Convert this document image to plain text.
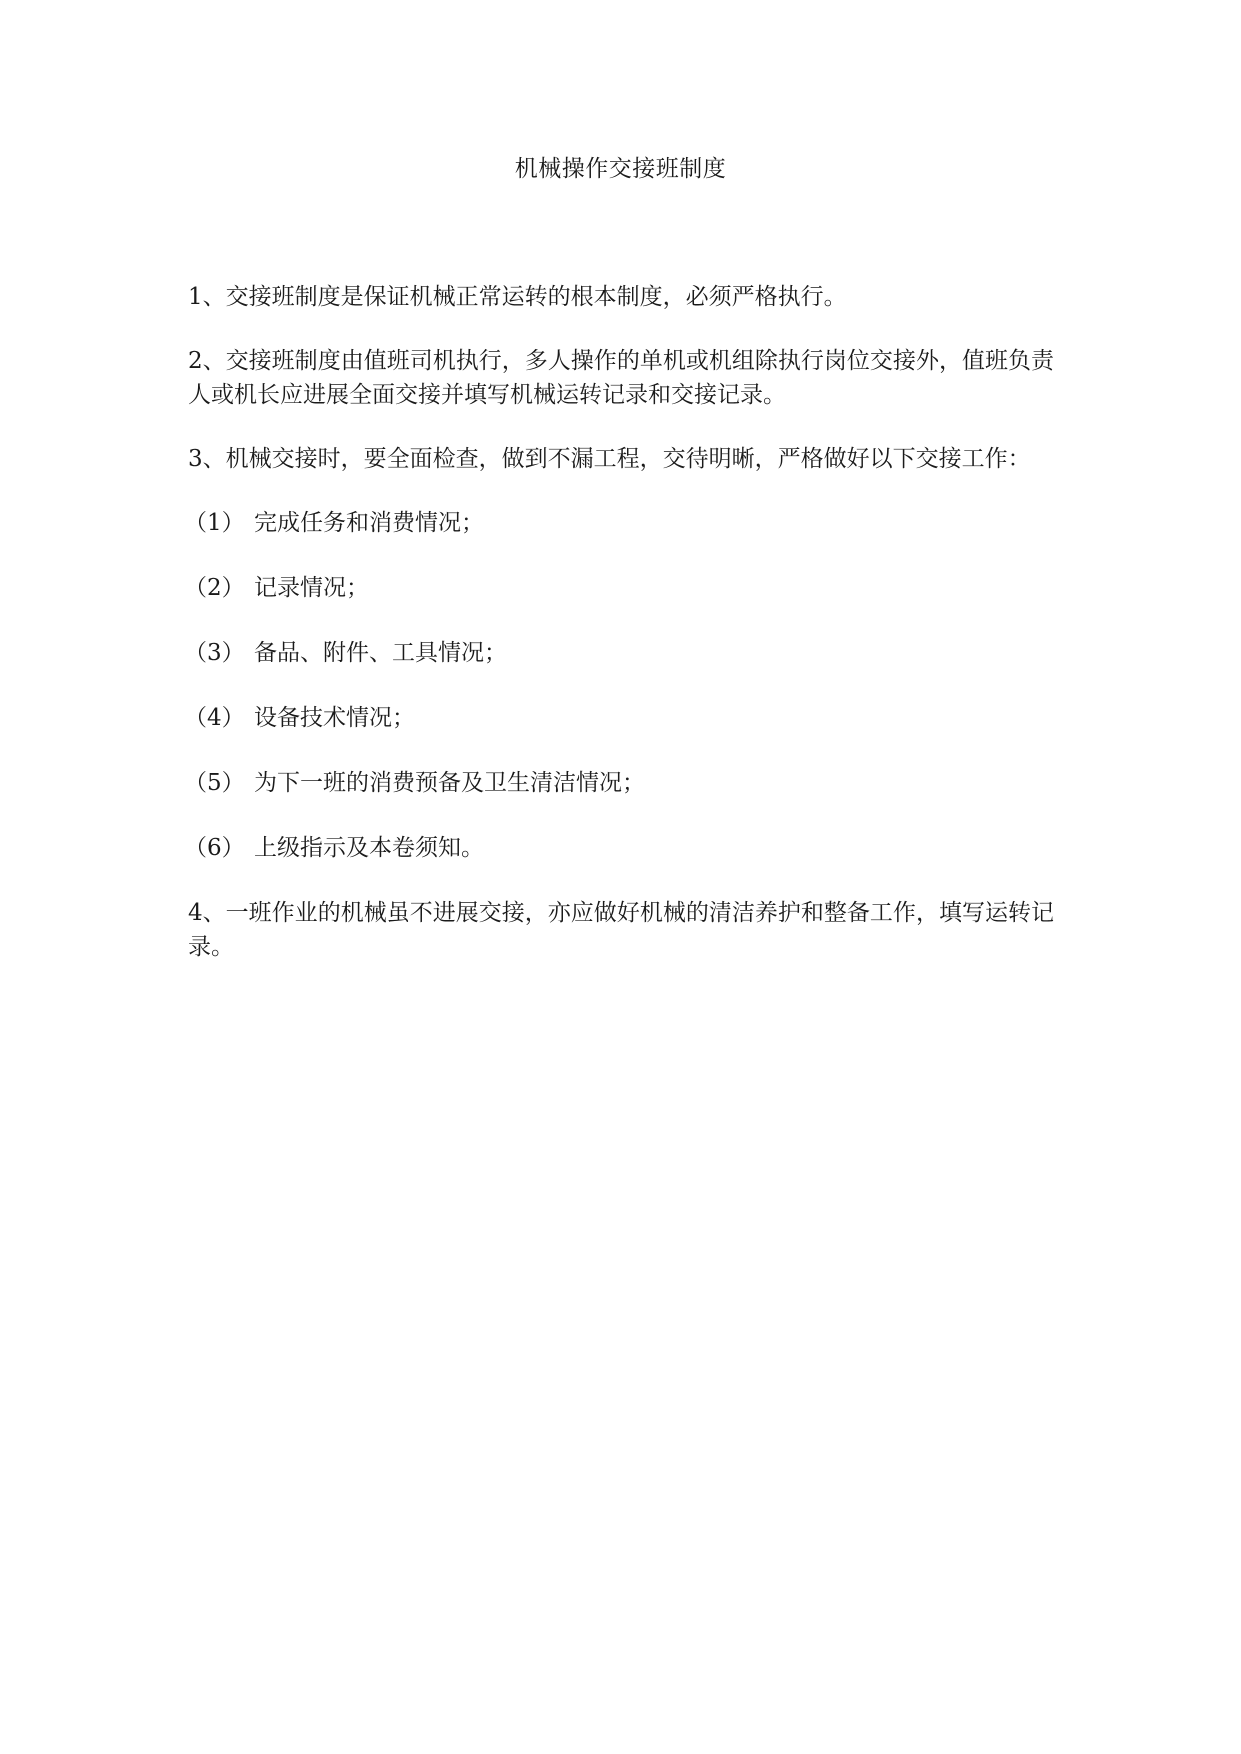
机械操作交接班制度

1、交接班制度是保证机械正常运转的根本制度，必须严格执行。

2、交接班制度由值班司机执行，多人操作的单机或机组除执行岗位交接外，值班负责人或机长应进展全面交接并填写机械运转记录和交接记录。

3、机械交接时，要全面检查，做到不漏工程，交待明晰，严格做好以下交接工作：

（1） 完成任务和消费情况；
（2） 记录情况；
（3） 备品、附件、工具情况；
（4） 设备技术情况；
（5） 为下一班的消费预备及卫生清洁情况；
（6） 上级指示及本卷须知。

4、一班作业的机械虽不进展交接，亦应做好机械的清洁养护和整备工作，填写运转记录。
